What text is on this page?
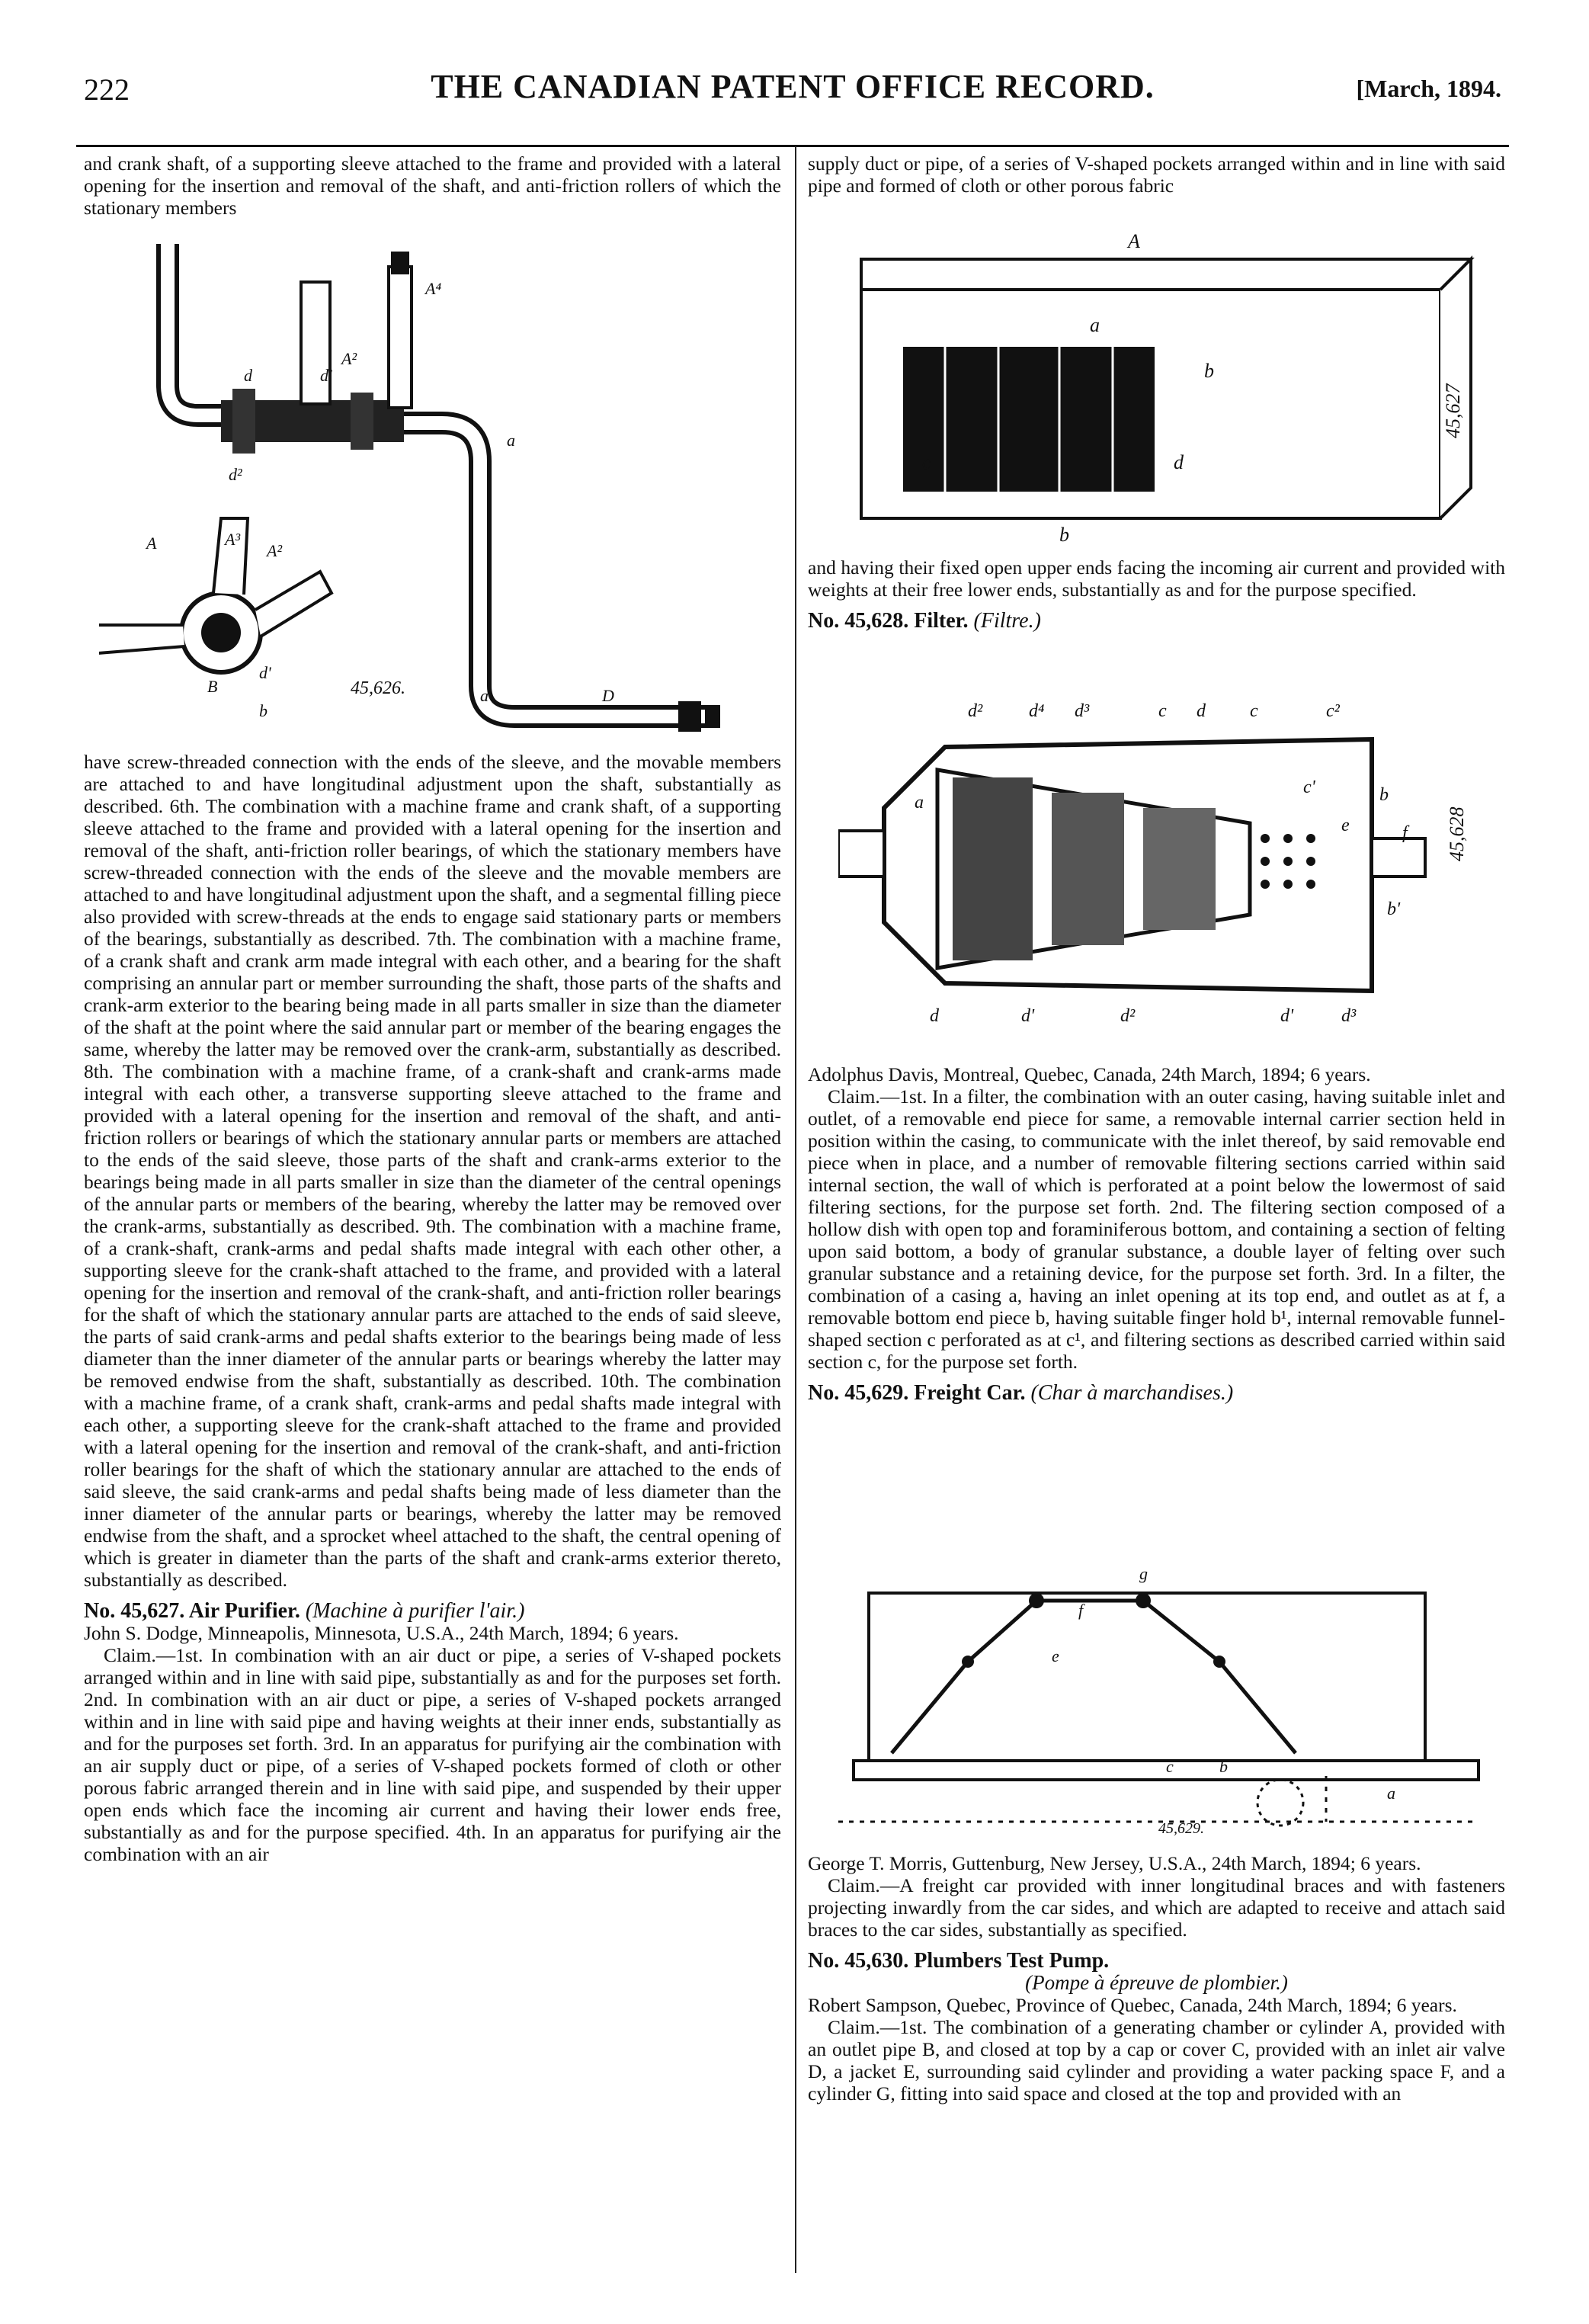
222	THE CANADIAN PATENT OFFICE RECORD.	[March, 1894.

and crank shaft, of a supporting sleeve attached to the frame and provided with a lateral opening for the insertion and removal of the shaft, and anti-friction rollers of which the stationary members

d
A²
A⁴
d'
d²
a
A²
A	A³
B
d'
b
D
a
45,626.

have screw-threaded connection with the ends of the sleeve, and the movable members are attached to and have longitudinal adjustment upon the shaft, substantially as described. 6th. The combination with a machine frame and crank shaft, of a supporting sleeve attached to the frame and provided with a lateral opening for the insertion and removal of the shaft, anti-friction roller bearings, of which the stationary members have screw-threaded connection with the ends of the sleeve and the movable members are attached to and have longitudinal adjustment upon the shaft, and a segmental filling piece also provided with screw-threads at the ends to engage said stationary parts or members of the bearings, substantially as described. 7th. The combination with a machine frame, of a crank shaft and crank arm made integral with each other, and a bearing for the shaft comprising an annular part or member surrounding the shaft, those parts of the shafts and crank-arm exterior to the bearing being made in all parts smaller in size than the diameter of the shaft at the point where the said annular part or member of the bearing engages the same, whereby the latter may be removed over the crank-arm, substantially as described. 8th. The combination with a machine frame, of a crank-shaft and crank-arms made integral with each other, a transverse supporting sleeve attached to the frame and provided with a lateral opening for the insertion and removal of the shaft, and anti-friction rollers or bearings of which the stationary annular parts or members are attached to the ends of the said sleeve, those parts of the shaft and crank-arms exterior to the bearings being made in all parts smaller in size than the diameter of the central openings of the annular parts or members of the bearing, whereby the latter may be removed over the crank-arms, substantially as described. 9th. The combination with a machine frame, of a crank-shaft, crank-arms and pedal shafts made integral with each other other, a supporting sleeve for the crank-shaft attached to the frame, and provided with a lateral opening for the insertion and removal of the crank-shaft, and anti-friction roller bearings for the shaft of which the stationary annular parts are attached to the ends of said sleeve, the parts of said crank-arms and pedal shafts exterior to the bearings being made of less diameter than the inner diameter of the annular parts or bearings whereby the latter may be removed endwise from the shaft, substantially as described. 10th. The combination with a machine frame, of a crank shaft, crank-arms and pedal shafts made integral with each other, a supporting sleeve for the crank-shaft attached to the frame and provided with a lateral opening for the insertion and removal of the crank-shaft, and anti-friction roller bearings for the shaft of which the stationary annular are attached to the ends of said sleeve, the said crank-arms and pedal shafts being made of less diameter than the inner diameter of the annular parts or bearings, whereby the latter may be removed endwise from the shaft, and a sprocket wheel attached to the shaft, the central opening of which is greater in diameter than the parts of the shaft and crank-arms exterior thereto, substantially as described.

No. 45,627. Air Purifier. (Machine à purifier l'air.)

John S. Dodge, Minneapolis, Minnesota, U.S.A., 24th March, 1894; 6 years.

Claim.—1st. In combination with an air duct or pipe, a series of V-shaped pockets arranged within and in line with said pipe, substantially as and for the purposes set forth. 2nd. In combination with an air duct or pipe, a series of V-shaped pockets arranged within and in line with said pipe and having weights at their inner ends, substantially as and for the purposes set forth. 3rd. In an apparatus for purifying air the combination with an air supply duct or pipe, of a series of V-shaped pockets formed of cloth or other porous fabric arranged therein and in line with said pipe, and suspended by their upper open ends which face the incoming air current and having their lower ends free, substantially as and for the purpose specified. 4th. In an apparatus for purifying air the combination with an air

supply duct or pipe, of a series of V-shaped pockets arranged within and in line with said pipe and formed of cloth or other porous fabric

A
a
b
c	d
b
45,627

and having their fixed open upper ends facing the incoming air current and provided with weights at their free lower ends, substantially as and for the purpose specified.

No. 45,628. Filter. (Filtre.)

d²	d⁴ d³	c d c	c²
c'
e
b
f
a
d	d'	d²	d'	d³
b'
45,628

Adolphus Davis, Montreal, Quebec, Canada, 24th March, 1894; 6 years.

Claim.—1st. In a filter, the combination with an outer casing, having suitable inlet and outlet, of a removable end piece for same, a removable internal carrier section held in position within the casing, to communicate with the inlet thereof, by said removable end piece when in place, and a number of removable filtering sections carried within said internal section, the wall of which is perforated at a point below the lowermost of said filtering sections, for the purpose set forth. 2nd. The filtering section composed of a hollow dish with open top and foraminiferous bottom, and containing a section of felting upon said bottom, a body of granular substance, a double layer of felting over such granular substance and a retaining device, for the purpose set forth. 3rd. In a filter, the combination of a casing a, having an inlet opening at its top end, and outlet as at f, a removable bottom end piece b, having suitable finger hold b¹, internal removable funnel-shaped section c perforated as at c¹, and filtering sections as described carried within said section c, for the purpose set forth.

No. 45,629. Freight Car. (Char à marchandises.)

g
f
e
c	b
a
45,629.

George T. Morris, Guttenburg, New Jersey, U.S.A., 24th March, 1894; 6 years.

Claim.—A freight car provided with inner longitudinal braces and with fasteners projecting inwardly from the car sides, and which are adapted to receive and attach said braces to the car sides, substantially as specified.

No. 45,630. Plumbers Test Pump.

(Pompe à épreuve de plombier.)

Robert Sampson, Quebec, Province of Quebec, Canada, 24th March, 1894; 6 years.

Claim.—1st. The combination of a generating chamber or cylinder A, provided with an outlet pipe B, and closed at top by a cap or cover C, provided with an inlet air valve D, a jacket E, surrounding said cylinder and providing a water packing space F, and a cylinder G, fitting into said space and closed at the top and provided with an
